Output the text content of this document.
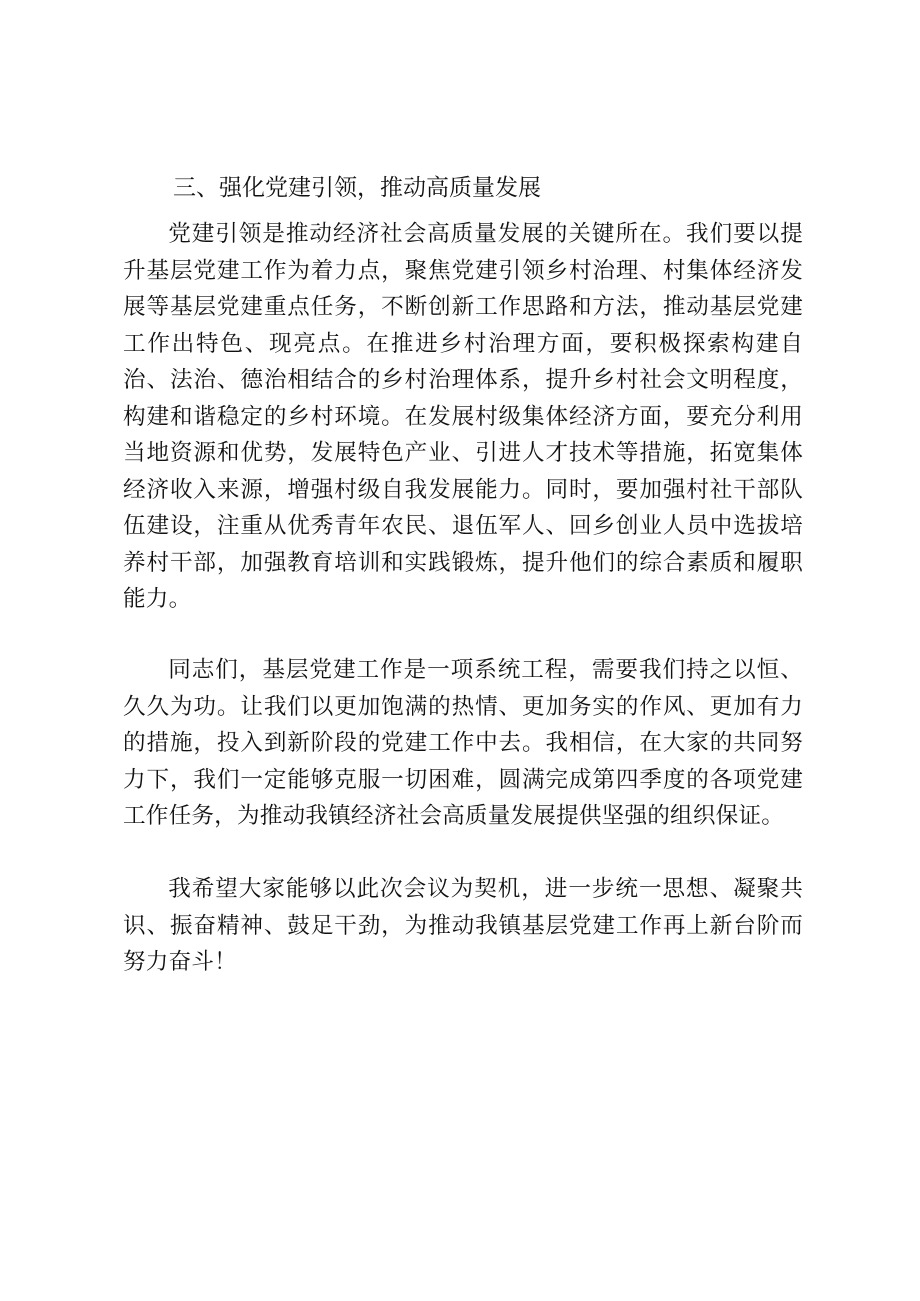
三、强化党建引领，推动高质量发展

党建引领是推动经济社会高质量发展的关键所在。我们要以提升基层党建工作为着力点，聚焦党建引领乡村治理、村集体经济发展等基层党建重点任务，不断创新工作思路和方法，推动基层党建工作出特色、现亮点。在推进乡村治理方面，要积极探索构建自治、法治、德治相结合的乡村治理体系，提升乡村社会文明程度，构建和谐稳定的乡村环境。在发展村级集体经济方面，要充分利用当地资源和优势，发展特色产业、引进人才技术等措施，拓宽集体经济收入来源，增强村级自我发展能力。同时，要加强村社干部队伍建设，注重从优秀青年农民、退伍军人、回乡创业人员中选拔培养村干部，加强教育培训和实践锻炼，提升他们的综合素质和履职能力。

同志们，基层党建工作是一项系统工程，需要我们持之以恒、久久为功。让我们以更加饱满的热情、更加务实的作风、更加有力的措施，投入到新阶段的党建工作中去。我相信，在大家的共同努力下，我们一定能够克服一切困难，圆满完成第四季度的各项党建工作任务，为推动我镇经济社会高质量发展提供坚强的组织保证。

我希望大家能够以此次会议为契机，进一步统一思想、凝聚共识、振奋精神、鼓足干劲，为推动我镇基层党建工作再上新台阶而努力奋斗！
